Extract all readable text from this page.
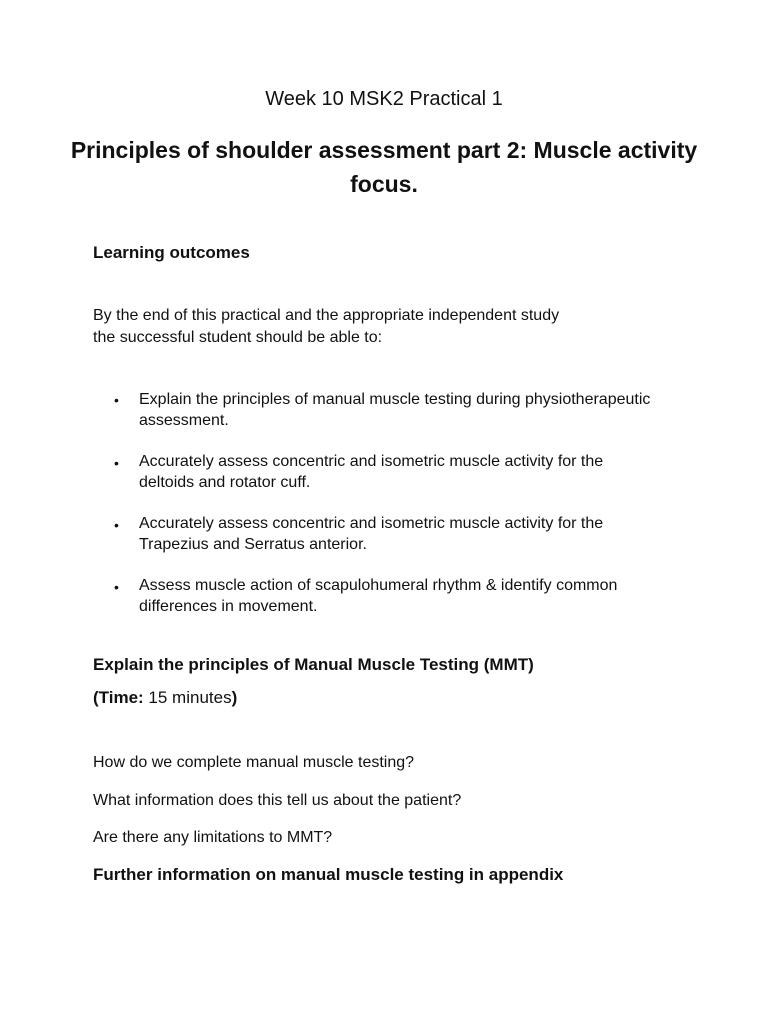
Week 10 MSK2 Practical 1
Principles of shoulder assessment part 2: Muscle activity focus.
Learning outcomes
By the end of this practical and the appropriate independent study
the successful student should be able to:
• Explain the principles of manual muscle testing during physiotherapeutic
assessment.
• Accurately assess concentric and isometric muscle activity for the
deltoids and rotator cuff.
• Accurately assess concentric and isometric muscle activity for the
Trapezius and Serratus anterior.
• Assess muscle action of scapulohumeral rhythm & identify common
differences in movement.
Explain the principles of Manual Muscle Testing (MMT)
(Time: 15 minutes)
How do we complete manual muscle testing?
What information does this tell us about the patient?
Are there any limitations to MMT?
Further information on manual muscle testing in appendix
